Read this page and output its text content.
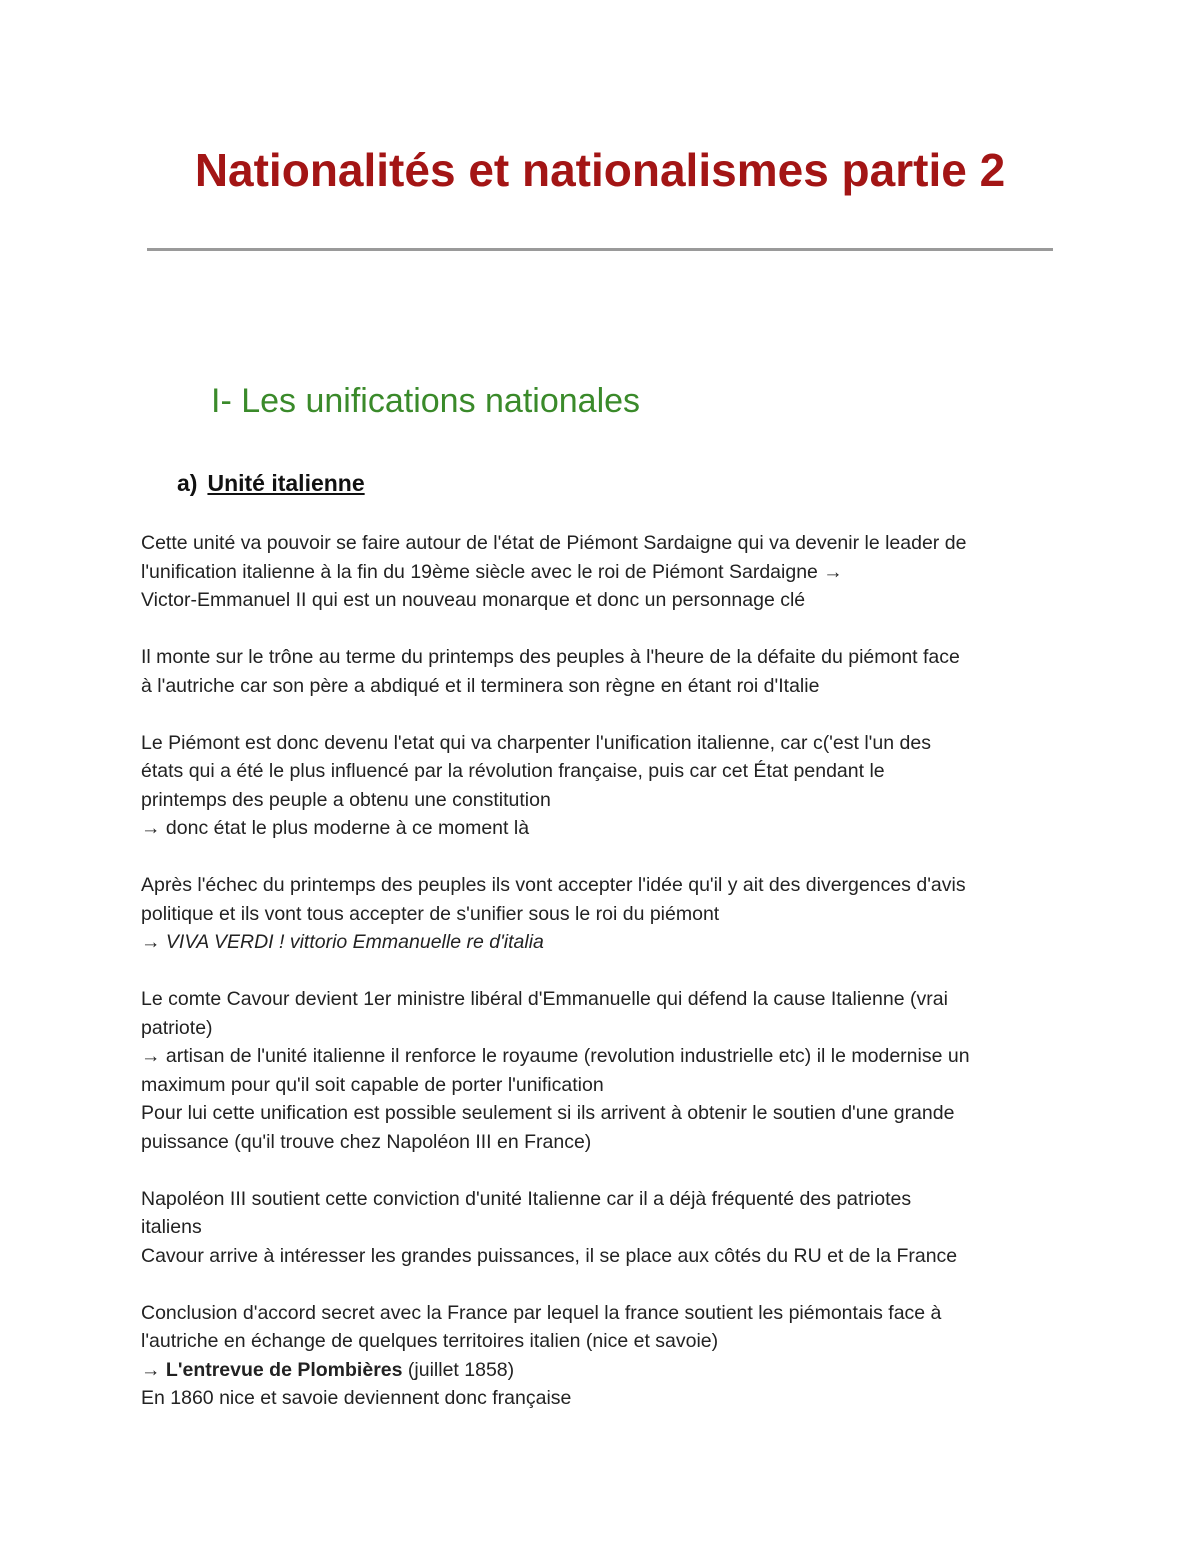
Nationalités et nationalismes partie 2
I- Les unifications nationales
a) Unité italienne

Cette unité va pouvoir se faire autour de l'état de Piémont Sardaigne qui va devenir le leader de
l'unification italienne à la fin du 19ème siècle avec le roi de Piémont Sardaigne →
Victor-Emmanuel II qui est un nouveau monarque et donc un personnage clé

Il monte sur le trône au terme du printemps des peuples à l'heure de la défaite du piémont face
à l'autriche car son père a abdiqué et il terminera son règne en étant roi d'Italie

Le Piémont est donc devenu l'etat qui va charpenter l'unification italienne, car c('est l'un des
états qui a été le plus influencé par la révolution française, puis car cet État pendant le
printemps des peuple a obtenu une constitution
→ donc état le plus moderne à ce moment là

Après l'échec du printemps des peuples ils vont accepter l'idée qu'il y ait des divergences d'avis
politique et ils vont tous accepter de s'unifier sous le roi du piémont
→ VIVA VERDI ! vittorio Emmanuelle re d'italia

Le comte Cavour devient 1er ministre libéral d'Emmanuelle qui défend la cause Italienne (vrai
patriote)
→ artisan de l'unité italienne il renforce le royaume (revolution industrielle etc) il le modernise un
maximum pour qu'il soit capable de porter l'unification
Pour lui cette unification est possible seulement si ils arrivent à obtenir le soutien d'une grande
puissance (qu'il trouve chez Napoléon III en France)

Napoléon III soutient cette conviction d'unité Italienne car il a déjà fréquenté des patriotes
italiens
Cavour arrive à intéresser les grandes puissances, il se place aux côtés du RU et de la France

Conclusion d'accord secret avec la France par lequel la france soutient les piémontais face à
l'autriche en échange de quelques territoires italien (nice et savoie)
→ L'entrevue de Plombières (juillet 1858)
En 1860 nice et savoie deviennent donc française
